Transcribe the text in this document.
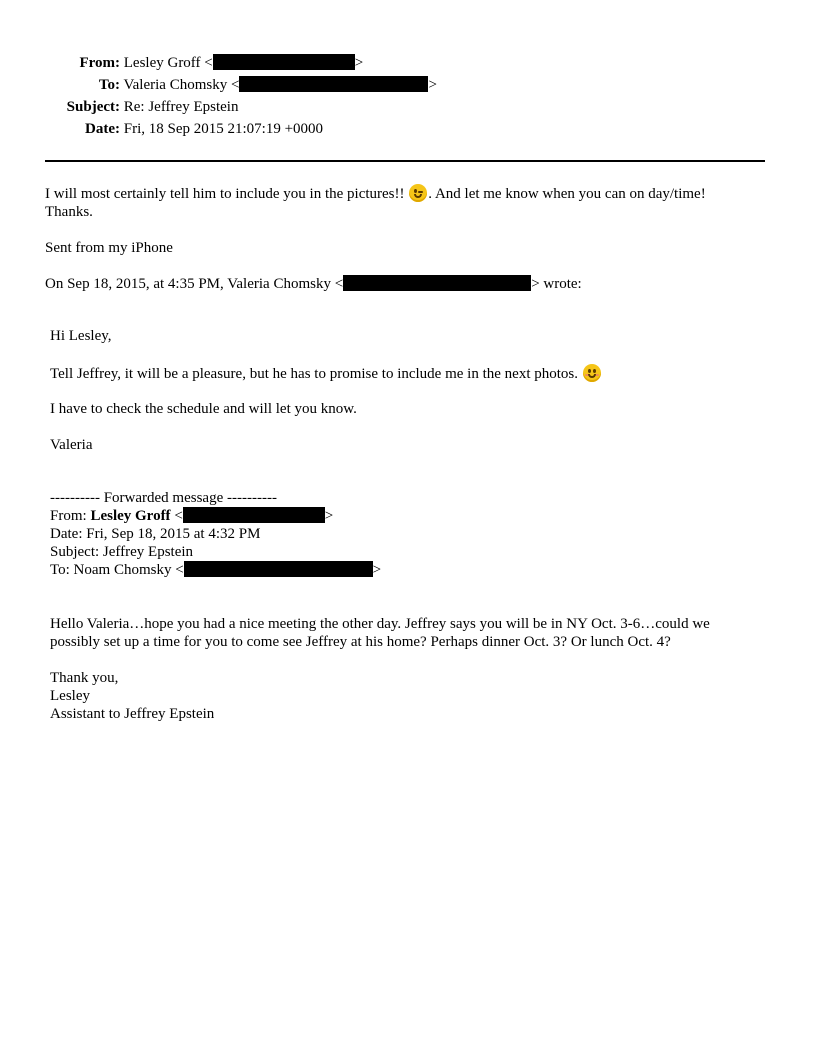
From: Lesley Groff <	>
To: Valeria Chomsky <	>
Subject: Re: Jeffrey Epstein
Date: Fri, 18 Sep 2015 21:07:19 +0000
I will most certainly tell him to include you in the pictures!!
. And let me know when you can on day/time!
Thanks.
Sent from my iPhone
On Sep 18, 2015, at 4:35 PM, Valeria Chomsky <	> wrote:
Hi Lesley,
Tell Jeffrey, it will be a pleasure, but he has to promise to include me in the next photos.
I have to check the schedule and will let you know.
Valeria
---------- Forwarded message ----------
From: Lesley Groff <	>
Date: Fri, Sep 18, 2015 at 4:32 PM
Subject: Jeffrey Epstein
To: Noam Chomsky <	>
Hello Valeria…hope you had a nice meeting the other day. Jeffrey says you will be in NY Oct. 3-6…could we
possibly set up a time for you to come see Jeffrey at his home? Perhaps dinner Oct. 3? Or lunch Oct. 4?
Thank you,
Lesley
Assistant to Jeffrey Epstein
